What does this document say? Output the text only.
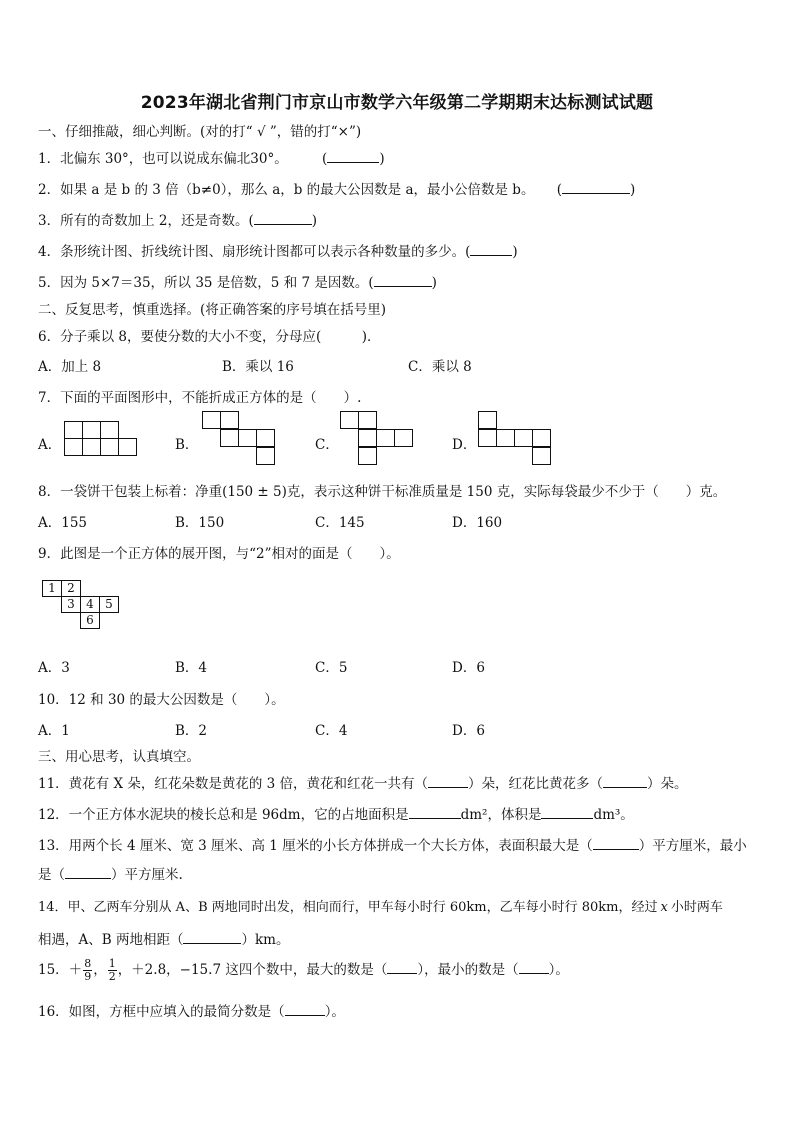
2023年湖北省荆门市京山市数学六年级第二学期期末达标测试试题
一、仔细推敲，细心判断。(对的打“ √ ”，错的打“×”)
1．北偏东 30°，也可以说成东偏北30°。	(	)
2．如果 a 是 b 的 3 倍（b≠0），那么 a，b 的最大公因数是 a，最小公倍数是 b。 (	)
3．所有的奇数加上 2，还是奇数。(	)
4．条形统计图、折线统计图、扇形统计图都可以表示各种数量的多少。(	)
5．因为 5×7＝35，所以 35 是倍数，5 和 7 是因数。(	)
二、反复思考，慎重选择。(将正确答案的序号填在括号里)
6．分子乘以 8，要使分数的大小不变，分母应(　　　)．
A．加上 8	B．乘以 16	C．乘以 8
7．下面的平面图形中，不能折成正方体的是（　　）.
A．	B．	C．	D．
8．一袋饼干包装上标着：净重(150 ± 5)克，表示这种饼干标准质量是 150 克，实际每袋最少不少于（　　）克。
A．155	B．150	C．145	D．160
9．此图是一个正方体的展开图，与“2”相对的面是（　　）。
1 2
3 4 5
6
A．3	B．4	C．5	D．6
10．12 和 30 的最大公因数是（　　）。
A．1	B．2	C．4	D．6
三、用心思考，认真填空。
11．黄花有 X 朵，红花朵数是黄花的 3 倍，黄花和红花一共有（	）朵，红花比黄花多（	）朵。
12．一个正方体水泥块的棱长总和是 96dm，它的占地面积是	dm²，体积是	dm³。
13．用两个长 4 厘米、宽 3 厘米、高 1 厘米的小长方体拼成一个大长方体，表面积最大是（	）平方厘米，最小
是（	）平方厘米.
14．甲、乙两车分别从 A、B 两地同时出发，相向而行，甲车每小时行 60km，乙车每小时行 80km，经过 x 小时两车
相遇，A、B 两地相距（	）km。
15．＋ $\frac{8}{9}$ ， $\frac{1}{2}$ ，＋2.8，−15.7 这四个数中，最大的数是（ ），最小的数是（ ）。
16．如图，方框中应填入的最简分数是（	）。
